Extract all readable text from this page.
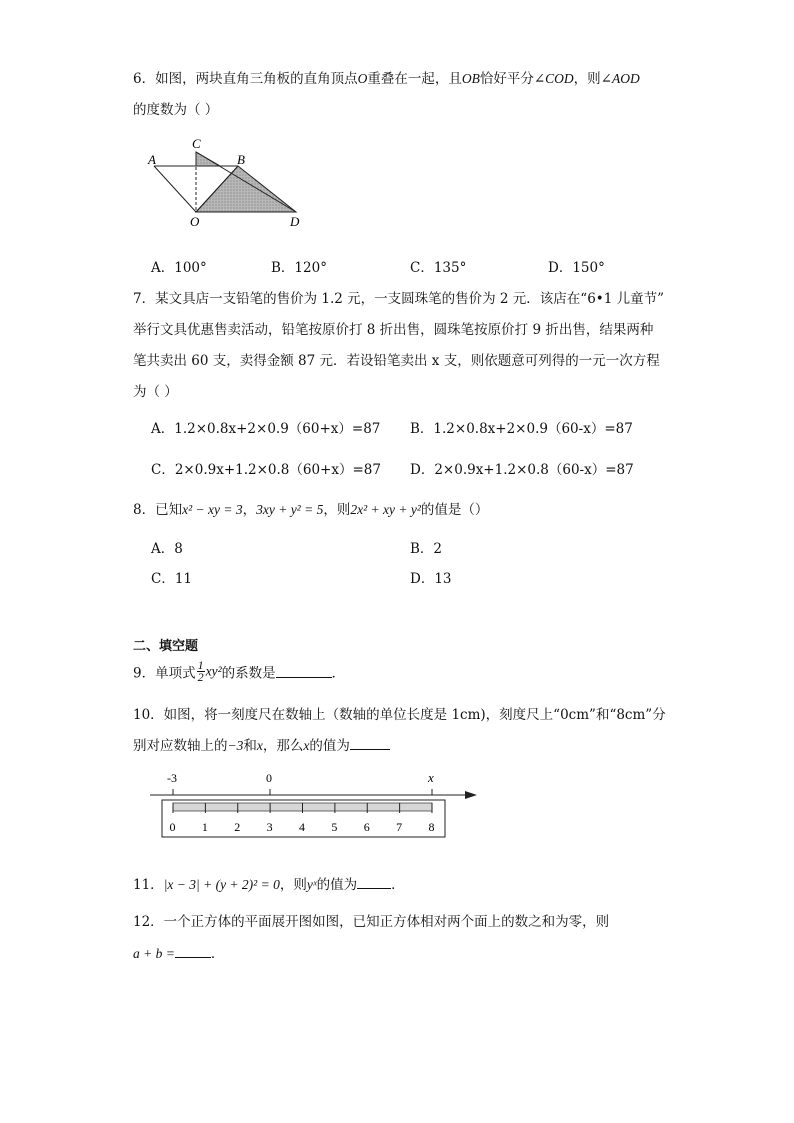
6．如图，两块直角三角板的直角顶点O重叠在一起，且OB恰好平分∠COD，则∠AOD
的度数为（ ）
A
C
B
O	D
A．100°	B．120°	C．135°	D．150°
7．某文具店一支铅笔的售价为 1.2 元，一支圆珠笔的售价为 2 元．该店在“6•1 儿童节”
举行文具优惠售卖活动，铅笔按原价打 8 折出售，圆珠笔按原价打 9 折出售，结果两种
笔共卖出 60 支，卖得金额 87 元．若设铅笔卖出 x 支，则依题意可列得的一元一次方程
为（ ）
A．1.2×0.8x+2×0.9（60+x）=87 B．1.2×0.8x+2×0.9（60-x）=87
C．2×0.9x+1.2×0.8（60+x）=87 D．2×0.9x+1.2×0.8（60-x）=87
8．已知x² − xy = 3，3xy + y² = 5，则2x² + xy + y²的值是（）
A．8	B．2
C．11	D．13
二、填空题
9．单项式 $\frac{1}{2} xy^2$的系数是	．
10．如图，将一刻度尺在数轴上（数轴的单位长度是 1cm)，刻度尺上“0cm”和“8cm”分
别对应数轴上的−3和x，那么x的值为
-3	0	x
0 1 2 3 4 5 6 7 8
11．|x − 3| + (y + 2)² = 0，则yˣ的值为	．
12．一个正方体的平面展开图如图，已知正方体相对两个面上的数之和为零，则
a + b =	．
